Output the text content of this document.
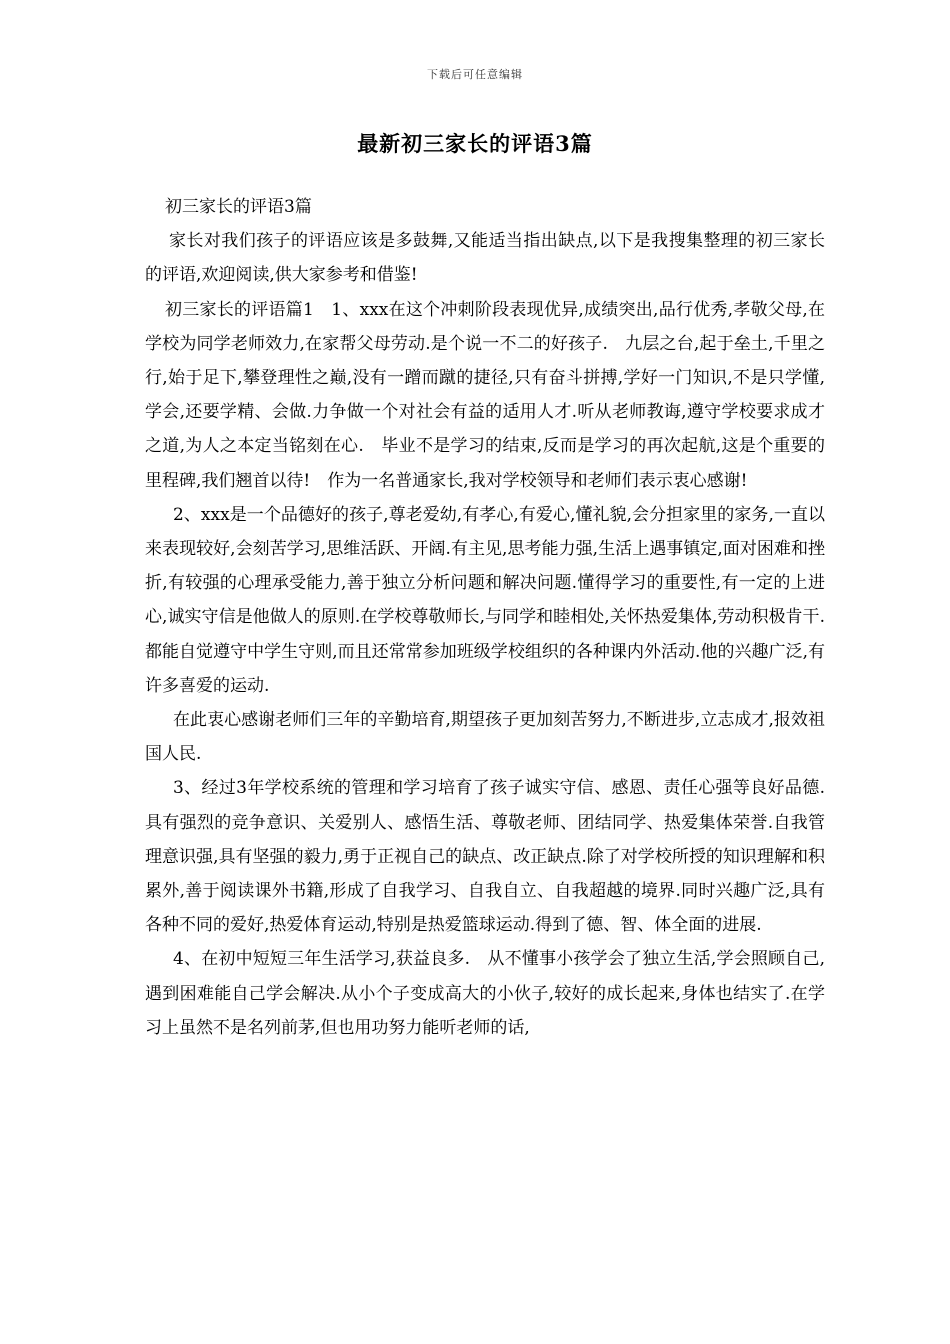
下载后可任意编辑
最新初三家长的评语3篇

初三家长的评语3篇

家长对我们孩子的评语应该是多鼓舞,又能适当指出缺点,以下是我搜集整理的初三家长的评语,欢迎阅读,供大家参考和借鉴!

初三家长的评语篇1　1、xxx在这个冲刺阶段表现优异,成绩突出,品行优秀,孝敬父母,在学校为同学老师效力,在家帮父母劳动.是个说一不二的好孩子.　九层之台,起于垒土,千里之行,始于足下,攀登理性之巅,没有一蹭而蹴的捷径,只有奋斗拼搏,学好一门知识,不是只学懂,学会,还要学精、会做.力争做一个对社会有益的适用人才.听从老师教诲,遵守学校要求成才之道,为人之本定当铭刻在心.　毕业不是学习的结束,反而是学习的再次起航,这是个重要的里程碑,我们翘首以待!　作为一名普通家长,我对学校领导和老师们表示衷心感谢!

2、xxx是一个品德好的孩子,尊老爱幼,有孝心,有爱心,懂礼貌,会分担家里的家务,一直以来表现较好,会刻苦学习,思维活跃、开阔.有主见,思考能力强,生活上遇事镇定,面对困难和挫折,有较强的心理承受能力,善于独立分析问题和解决问题.懂得学习的重要性,有一定的上进心,诚实守信是他做人的原则.在学校尊敬师长,与同学和睦相处,关怀热爱集体,劳动积极肯干.都能自觉遵守中学生守则,而且还常常参加班级学校组织的各种课内外活动.他的兴趣广泛,有许多喜爱的运动.

在此衷心感谢老师们三年的辛勤培育,期望孩子更加刻苦努力,不断进步,立志成才,报效祖国人民.

3、经过3年学校系统的管理和学习培育了孩子诚实守信、感恩、责任心强等良好品德.具有强烈的竞争意识、关爱别人、感悟生活、尊敬老师、团结同学、热爱集体荣誉.自我管理意识强,具有坚强的毅力,勇于正视自己的缺点、改正缺点.除了对学校所授的知识理解和积累外,善于阅读课外书籍,形成了自我学习、自我自立、自我超越的境界.同时兴趣广泛,具有各种不同的爱好,热爱体育运动,特别是热爱篮球运动.得到了德、智、体全面的进展.

4、在初中短短三年生活学习,获益良多.　从不懂事小孩学会了独立生活,学会照顾自己,遇到困难能自己学会解决.从小个子变成高大的小伙子,较好的成长起来,身体也结实了.在学习上虽然不是名列前茅,但也用功努力能听老师的话,
